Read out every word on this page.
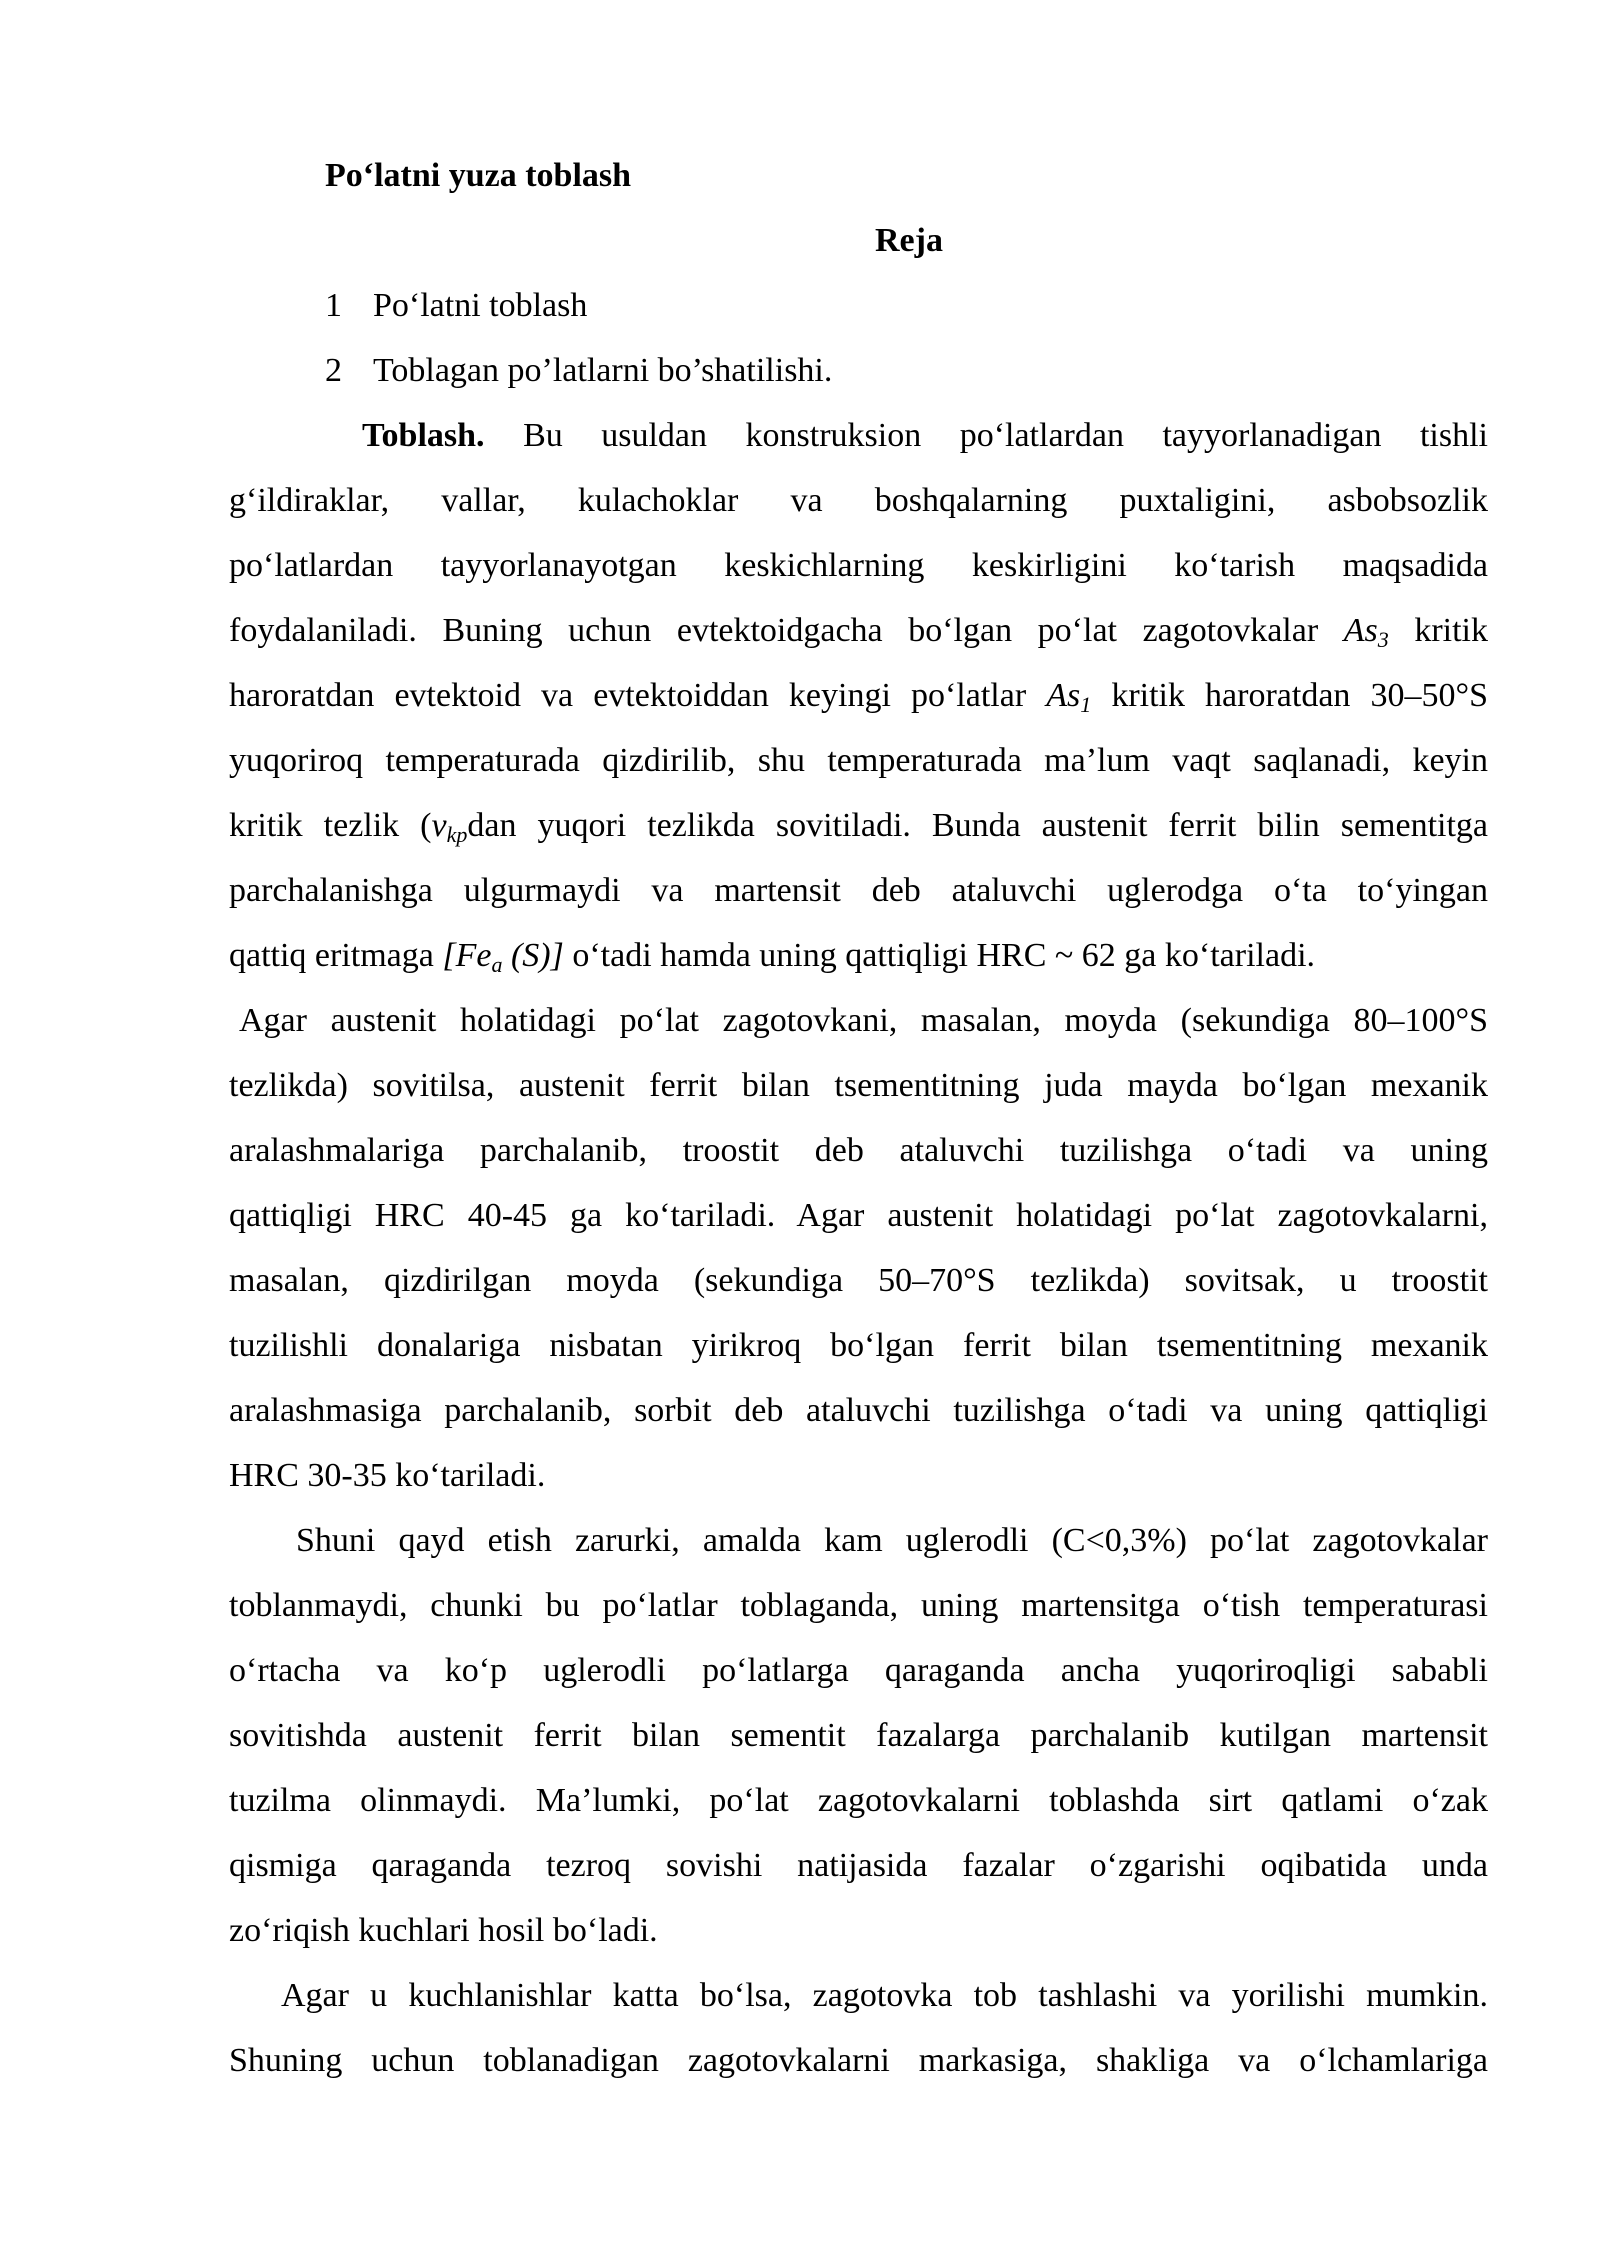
Po‘latni yuza toblash
Reja
1 Po‘latni toblash
2 Toblagan po’latlarni bo’shatilishi.
Toblash. Bu usuldan konstruksion po‘latlardan tayyorlanadigan tishli
g‘ildiraklar, vallar, kulachoklar va boshqalarning puxtaligini, asbobsozlik
po‘latlardan tayyorlanayotgan keskichlarning keskirligini ko‘tarish maqsadida
foydalaniladi. Buning uchun evtektoidgacha bo‘lgan po‘lat zagotovkalar $As_3$ kritik
haroratdan evtektoid va evtektoiddan keyingi po‘latlar $As_1$ kritik haroratdan 30–50°S
yuqoriroq temperaturada qizdirilib, shu temperaturada ma’lum vaqt saqlanadi, keyin
kritik tezlik ($v_{kp}dan$ yuqori tezlikda sovitiladi. Bunda austenit ferrit bilin sementitga
parchalanishga ulgurmaydi va martensit deb ataluvchi uglerodga o‘ta to‘yingan
qattiq eritmaga [$Fe_a$ (S)] o‘tadi hamda uning qattiqligi HRC ~ 62 ga ko‘tariladi.
Agar austenit holatidagi po‘lat zagotovkani, masalan, moyda (sekundiga 80–100°S
tezlikda) sovitilsa, austenit ferrit bilan tsementitning juda mayda bo‘lgan mexanik
aralashmalariga parchalanib, troostit deb ataluvchi tuzilishga o‘tadi va uning
qattiqligi HRC 40-45 ga ko‘tariladi. Agar austenit holatidagi po‘lat zagotovkalarni,
masalan, qizdirilgan moyda (sekundiga 50–70°S tezlikda) sovitsak, u troostit
tuzilishli donalariga nisbatan yirikroq bo‘lgan ferrit bilan tsementitning mexanik
aralashmasiga parchalanib, sorbit deb ataluvchi tuzilishga o‘tadi va uning qattiqligi
HRC 30-35 ko‘tariladi.
Shuni qayd etish zarurki, amalda kam uglerodli (C<0,3%) po‘lat zagotovkalar
toblanmaydi, chunki bu po‘latlar toblaganda, uning martensitga o‘tish temperaturasi
o‘rtacha va ko‘p uglerodli po‘latlarga qaraganda ancha yuqoriroqligi sababli
sovitishda austenit ferrit bilan sementit fazalarga parchalanib kutilgan martensit
tuzilma olinmaydi. Ma’lumki, po‘lat zagotovkalarni toblashda sirt qatlami o‘zak
qismiga qaraganda tezroq sovishi natijasida fazalar o‘zgarishi oqibatida unda
zo‘riqish kuchlari hosil bo‘ladi.
Agar u kuchlanishlar katta bo‘lsa, zagotovka tob tashlashi va yorilishi mumkin.
Shuning uchun toblanadigan zagotovkalarni markasiga, shakliga va o‘lchamlariga
